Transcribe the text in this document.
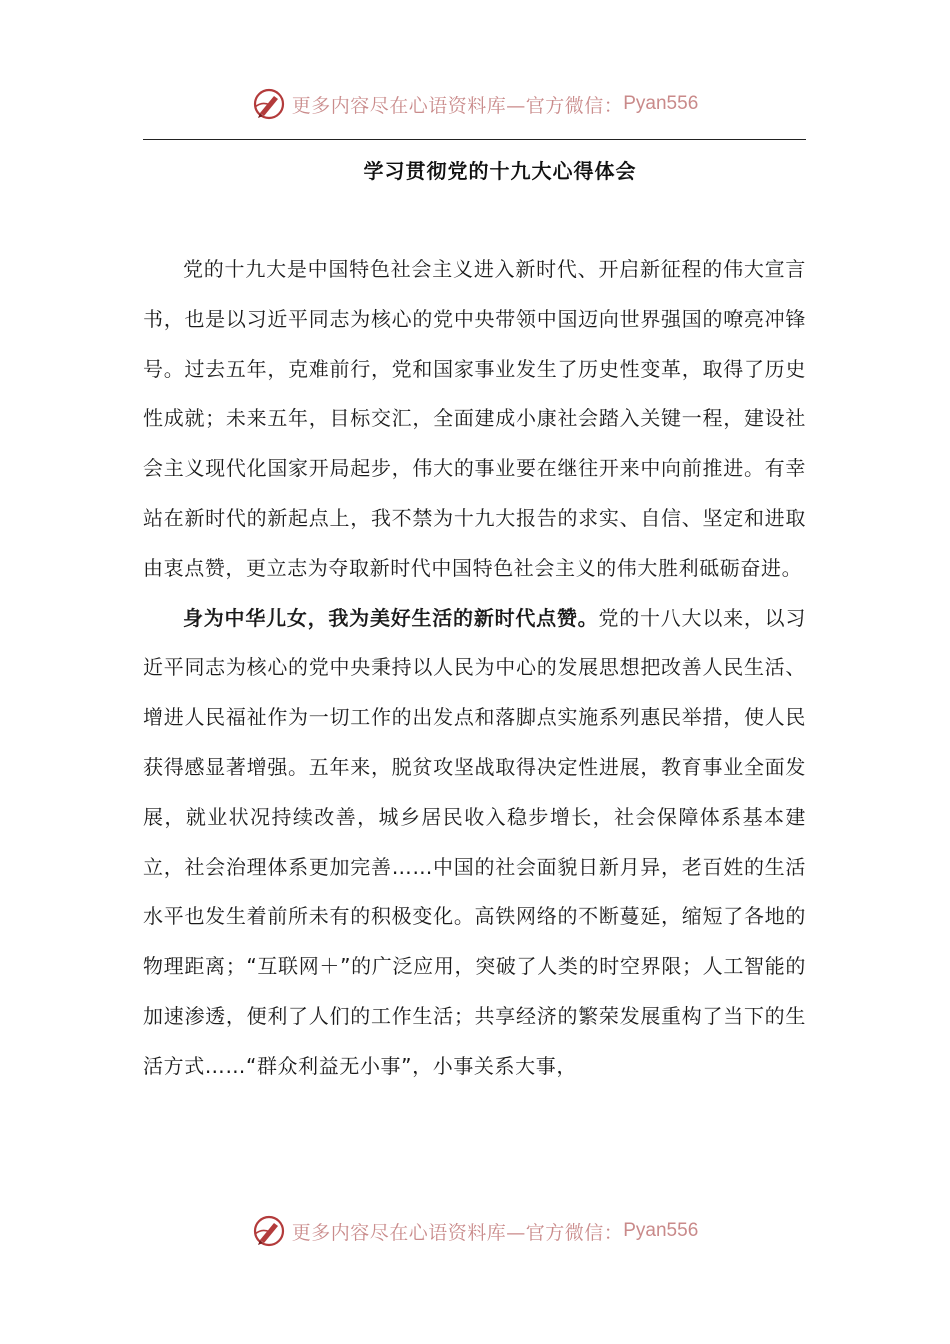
更多内容尽在心语资料库—官方微信： Pyan556
学习贯彻党的十九大心得体会

党的十九大是中国特色社会主义进入新时代、开启新征程的伟大宣言书，也是以习近平同志为核心的党中央带领中国迈向世界强国的嘹亮冲锋号。过去五年，克难前行，党和国家事业发生了历史性变革，取得了历史性成就；未来五年，目标交汇，全面建成小康社会踏入关键一程，建设社会主义现代化国家开局起步，伟大的事业要在继往开来中向前推进。有幸站在新时代的新起点上，我不禁为十九大报告的求实、自信、坚定和进取由衷点赞，更立志为夺取新时代中国特色社会主义的伟大胜利砥砺奋进。

身为中华儿女，我为美好生活的新时代点赞。党的十八大以来，以习近平同志为核心的党中央秉持以人民为中心的发展思想把改善人民生活、增进人民福祉作为一切工作的出发点和落脚点实施系列惠民举措，使人民获得感显著增强。五年来，脱贫攻坚战取得决定性进展，教育事业全面发展，就业状况持续改善，城乡居民收入稳步增长，社会保障体系基本建立，社会治理体系更加完善……中国的社会面貌日新月异，老百姓的生活水平也发生着前所未有的积极变化。高铁网络的不断蔓延，缩短了各地的物理距离；“互联网＋”的广泛应用，突破了人类的时空界限；人工智能的加速渗透，便利了人们的工作生活；共享经济的繁荣发展重构了当下的生活方式……“群众利益无小事”，小事关系大事，

更多内容尽在心语资料库—官方微信： Pyan556
